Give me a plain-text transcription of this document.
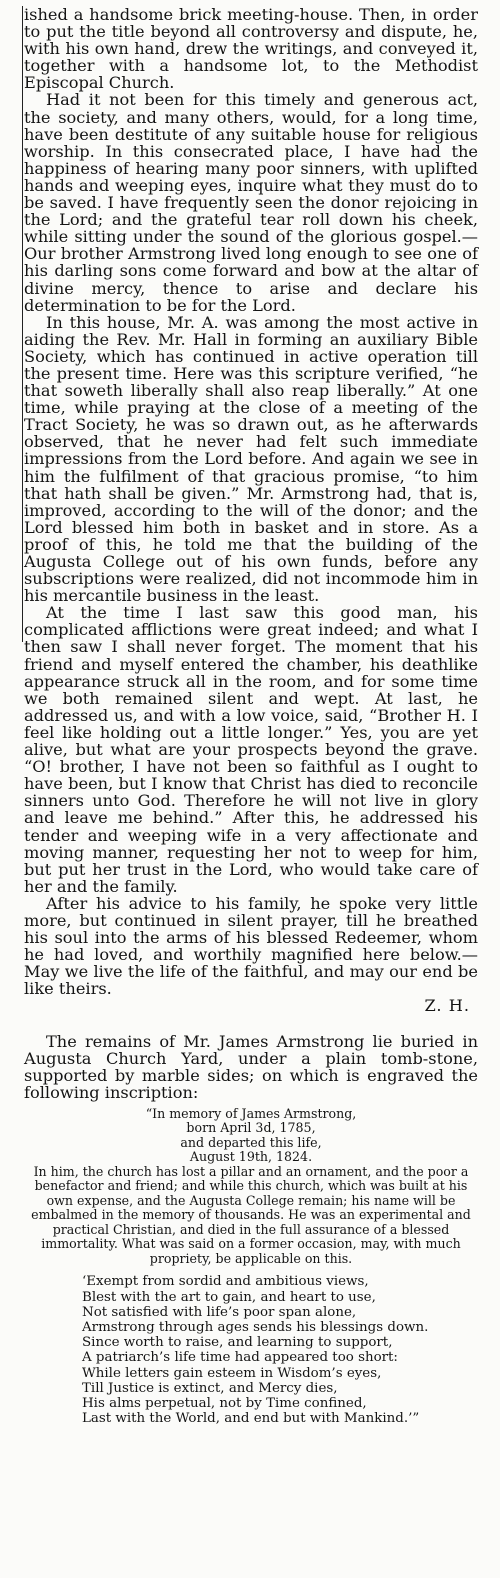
ished a handsome brick meeting-house. Then, in order to put the title beyond all controversy and dispute, he, with his own hand, drew the writings, and conveyed it, together with a handsome lot, to the Methodist Episcopal Church.

Had it not been for this timely and generous act, the society, and many others, would, for a long time, have been destitute of any suitable house for religious worship. In this consecrated place, I have had the happiness of hearing many poor sinners, with uplifted hands and weeping eyes, inquire what they must do to be saved. I have frequently seen the donor rejoicing in the Lord; and the grateful tear roll down his cheek, while sitting under the sound of the glorious gospel.—Our brother Armstrong lived long enough to see one of his darling sons come forward and bow at the altar of divine mercy, thence to arise and declare his determination to be for the Lord.

In this house, Mr. A. was among the most active in aiding the Rev. Mr. Hall in forming an auxiliary Bible Society, which has continued in active operation till the present time. Here was this scripture verified, “he that soweth liberally shall also reap liberally.” At one time, while praying at the close of a meeting of the Tract Society, he was so drawn out, as he afterwards observed, that he never had felt such immediate impressions from the Lord before. And again we see in him the fulfilment of that gracious promise, “to him that hath shall be given.” Mr. Armstrong had, that is, improved, according to the will of the donor; and the Lord blessed him both in basket and in store. As a proof of this, he told me that the building of the Augusta College out of his own funds, before any subscriptions were realized, did not incommode him in his mercantile business in the least.

At the time I last saw this good man, his complicated afflictions were great indeed; and what I then saw I shall never forget. The moment that his friend and myself entered the chamber, his deathlike appearance struck all in the room, and for some time we both remained silent and wept. At last, he addressed us, and with a low voice, said, “Brother H. I feel like holding out a little longer.” Yes, you are yet alive, but what are your prospects beyond the grave. “O! brother, I have not been so faithful as I ought to have been, but I know that Christ has died to reconcile sinners unto God. Therefore he will not live in glory and leave me behind.” After this, he addressed his tender and weeping wife in a very affectionate and moving manner, requesting her not to weep for him, but put her trust in the Lord, who would take care of her and the family.

After his advice to his family, he spoke very little more, but continued in silent prayer, till he breathed his soul into the arms of his blessed Redeemer, whom he had loved, and worthily magnified here below.—May we live the life of the faithful, and may our end be like theirs.

Z. H.

The remains of Mr. James Armstrong lie buried in Augusta Church Yard, under a plain tomb-stone, supported by marble sides; on which is engraved the following inscription:

“In memory of James Armstrong,
born April 3d, 1785,
and departed this life,
August 19th, 1824.
In him, the church has lost a pillar and an ornament, and the poor a benefactor and friend; and while this church, which was built at his own expense, and the Augusta College remain; his name will be embalmed in the memory of thousands. He was an experimental and practical Christian, and died in the full assurance of a blessed immortality. What was said on a former occasion, may, with much propriety, be applicable on this.
‘Exempt from sordid and ambitious views,
Blest with the art to gain, and heart to use,
Not satisfied with life’s poor span alone,
Armstrong through ages sends his blessings down.
Since worth to raise, and learning to support,
A patriarch’s life time had appeared too short:
While letters gain esteem in Wisdom’s eyes,
Till Justice is extinct, and Mercy dies,
His alms perpetual, not by Time confined,
Last with the World, and end but with Mankind.’”
